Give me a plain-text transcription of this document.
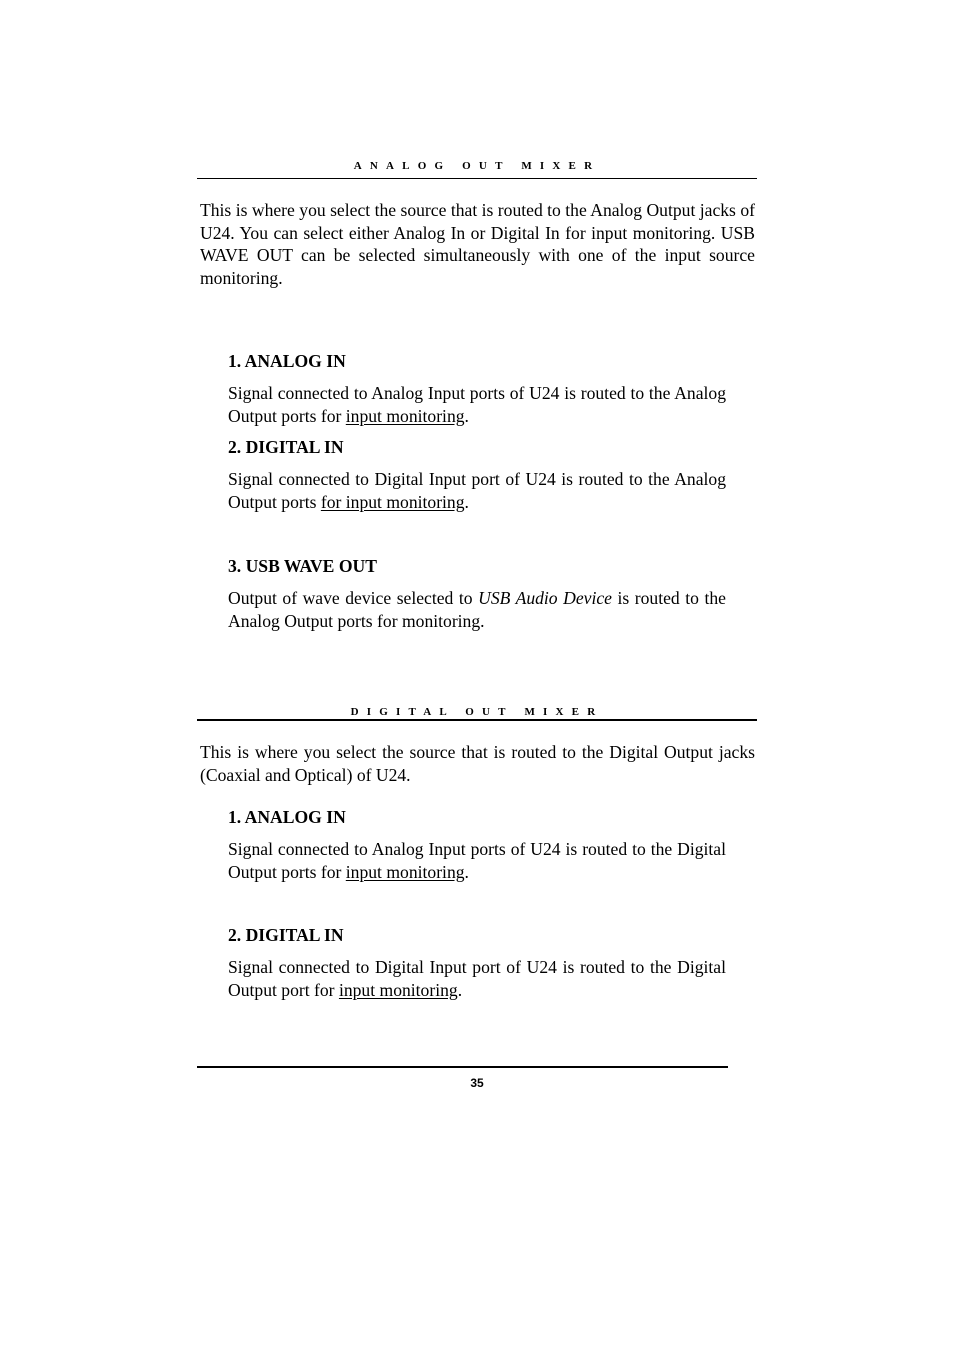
ANALOG OUT MIXER

This is where you select the source that is routed to the Analog Output jacks of U24. You can select either Analog In or Digital In for input monitoring. USB WAVE OUT can be selected simultaneously with one of the input source monitoring.

1. ANALOG IN

Signal connected to Analog Input ports of U24 is routed to the Analog Output ports for input monitoring.

2. DIGITAL IN

Signal connected to Digital Input port of U24 is routed to the Analog Output ports for input monitoring.

3. USB WAVE OUT

Output of wave device selected to USB Audio Device is routed to the Analog Output ports for monitoring.

DIGITAL OUT MIXER

This is where you select the source that is routed to the Digital Output jacks (Coaxial and Optical) of U24.

1. ANALOG IN

Signal connected to Analog Input ports of U24 is routed to the Digital Output ports for input monitoring.

2. DIGITAL IN

Signal connected to Digital Input port of U24 is routed to the Digital Output port for input monitoring.

35
